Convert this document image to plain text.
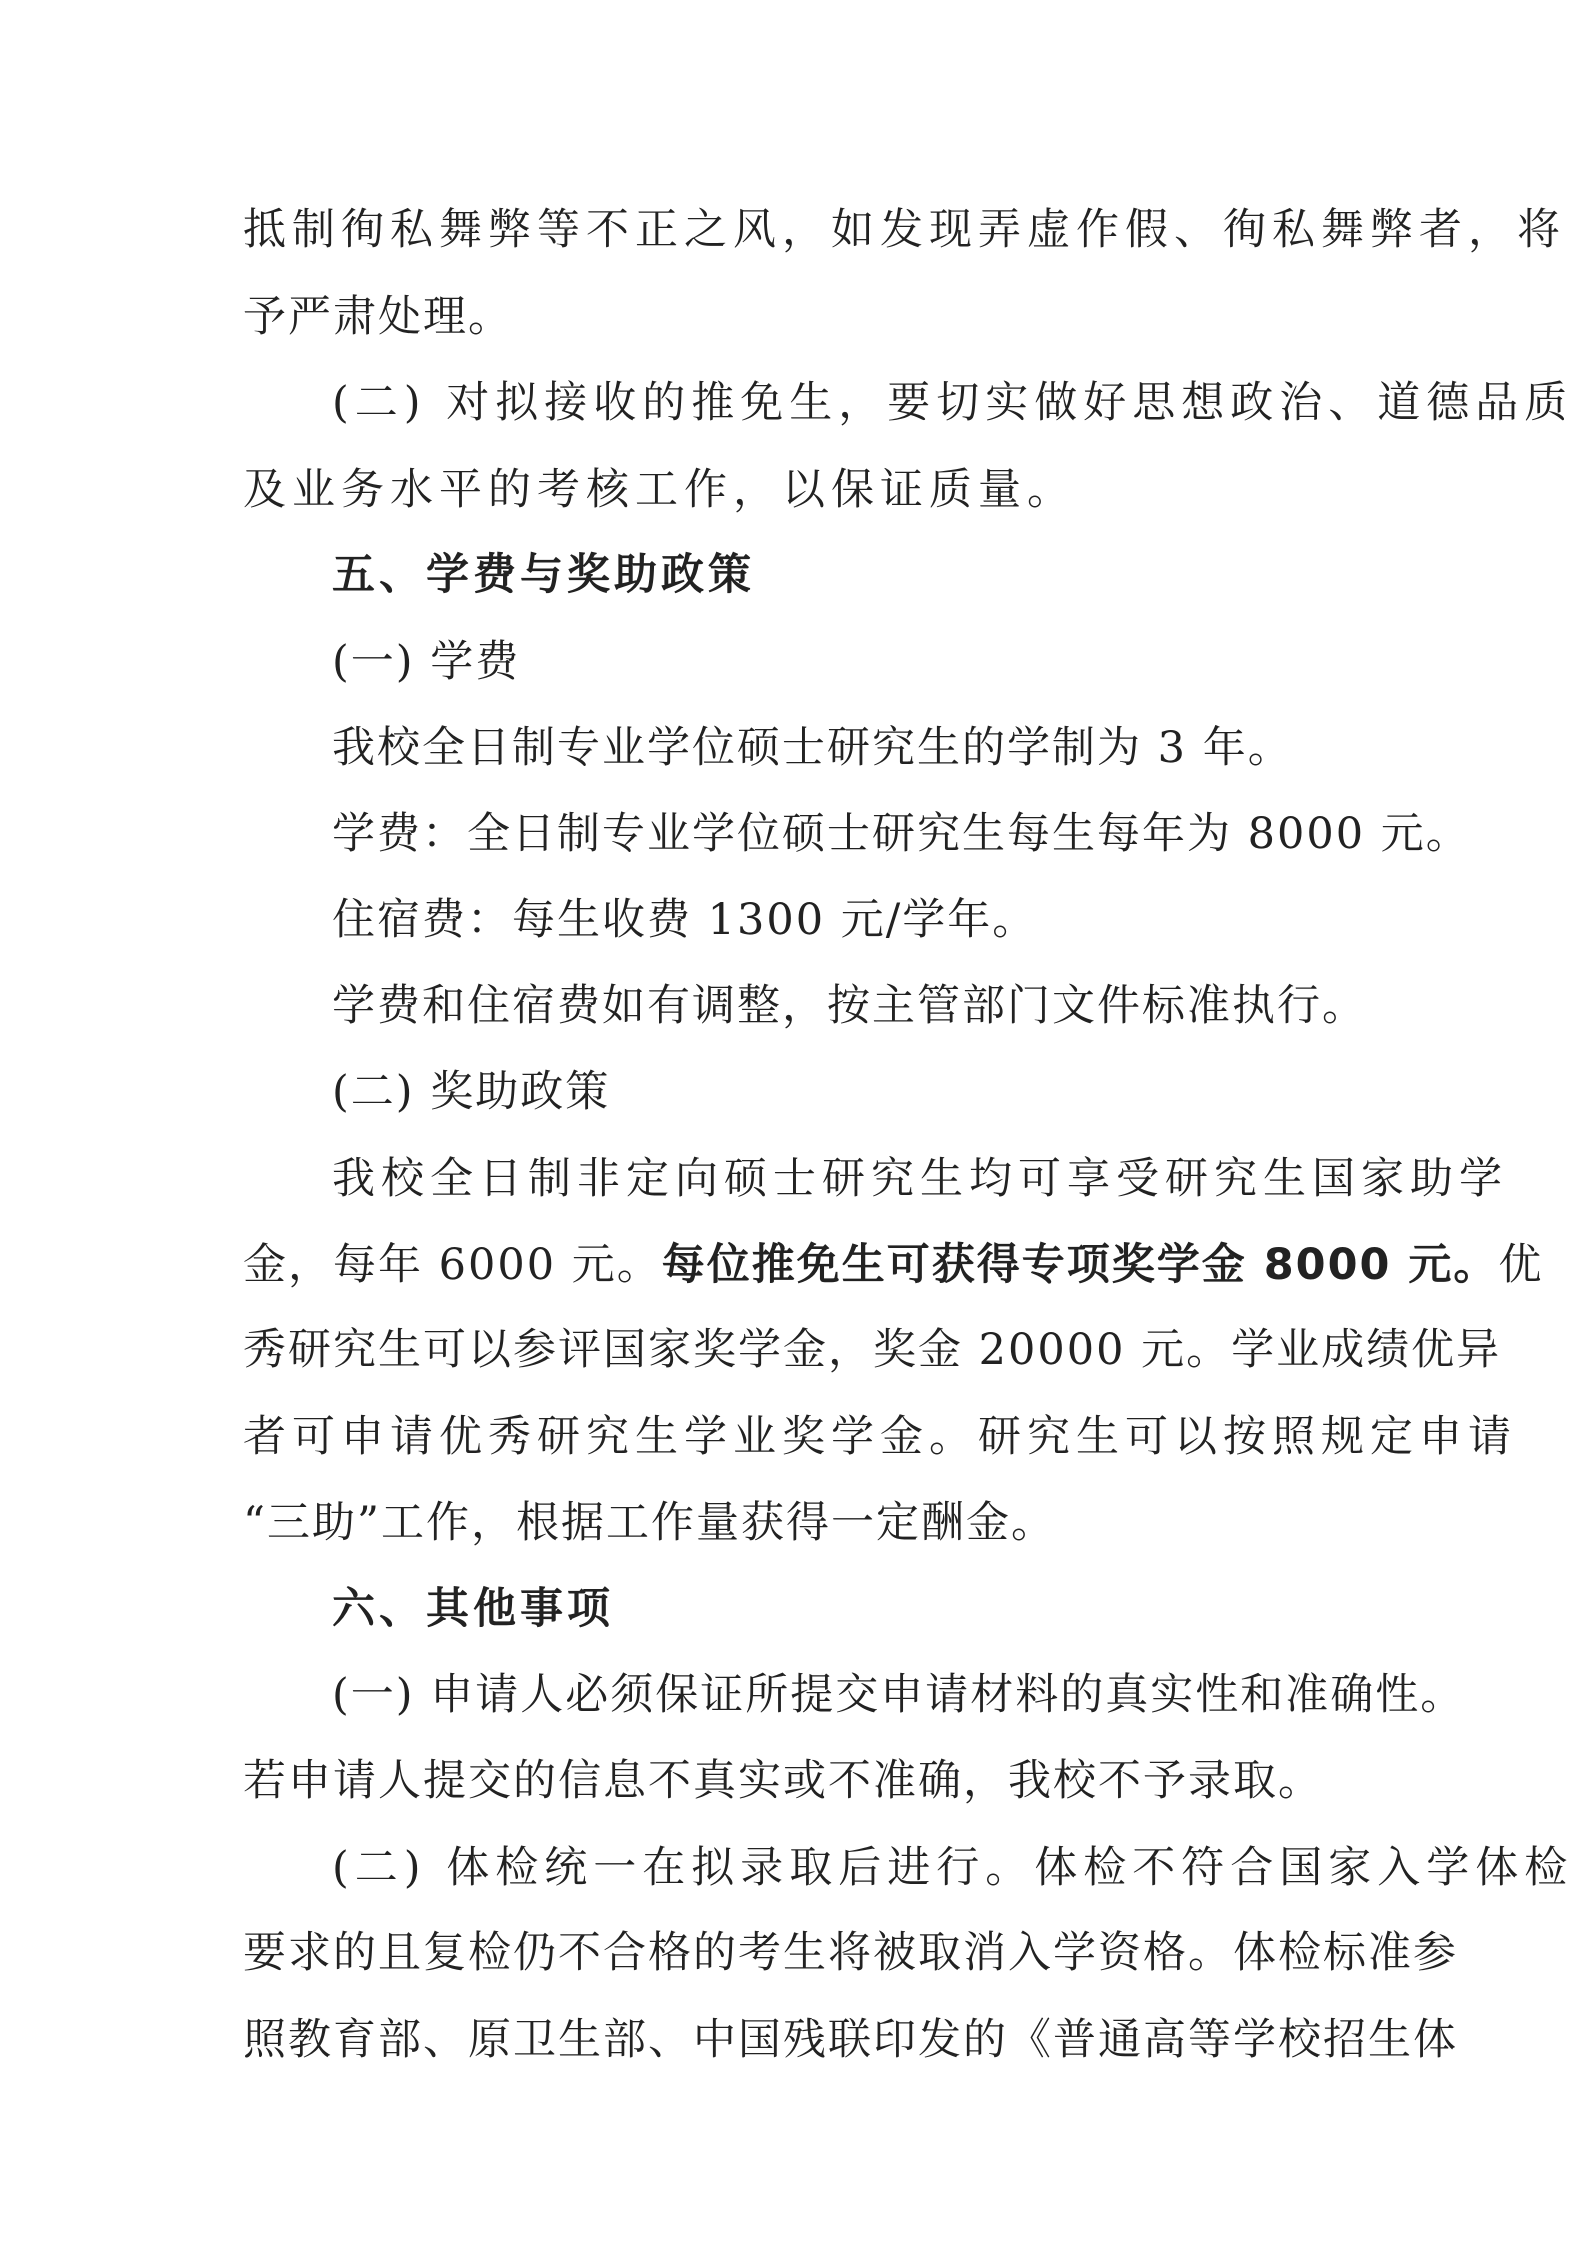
抵制徇私舞弊等不正之风，如发现弄虚作假、徇私舞弊者，将

予严肃处理。

(二) 对拟接收的推免生，要切实做好思想政治、道德品质

及业务水平的考核工作，以保证质量。

五、学费与奖助政策

(一) 学费

我校全日制专业学位硕士研究生的学制为 3 年。

学费：全日制专业学位硕士研究生每生每年为 8000 元。

住宿费：每生收费 1300 元/学年。

学费和住宿费如有调整，按主管部门文件标准执行。

(二) 奖助政策

我校全日制非定向硕士研究生均可享受研究生国家助学

金，每年 6000 元。每位推免生可获得专项奖学金 8000 元。优

秀研究生可以参评国家奖学金，奖金 20000 元。学业成绩优异

者可申请优秀研究生学业奖学金。研究生可以按照规定申请

“三助”工作，根据工作量获得一定酬金。

六、其他事项

(一) 申请人必须保证所提交申请材料的真实性和准确性。

若申请人提交的信息不真实或不准确，我校不予录取。

(二) 体检统一在拟录取后进行。体检不符合国家入学体检

要求的且复检仍不合格的考生将被取消入学资格。体检标准参

照教育部、原卫生部、中国残联印发的《普通高等学校招生体
